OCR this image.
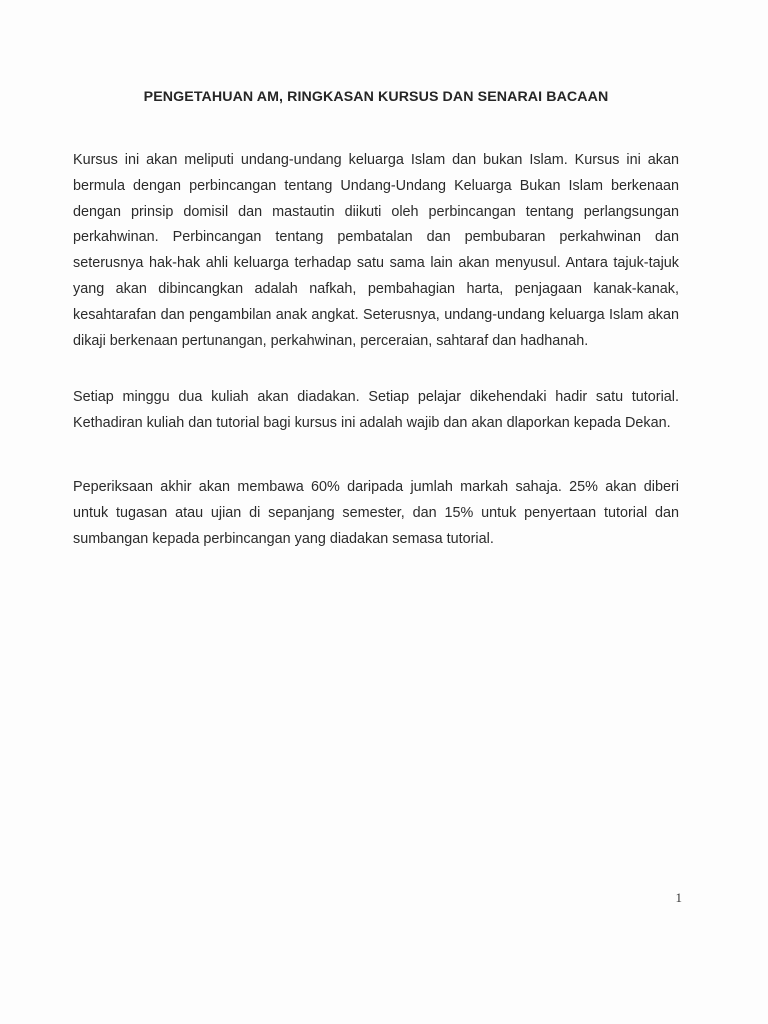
PENGETAHUAN AM, RINGKASAN KURSUS DAN SENARAI BACAAN

Kursus ini akan meliputi undang-undang keluarga Islam dan bukan Islam. Kursus ini akan bermula dengan perbincangan tentang Undang-Undang Keluarga Bukan Islam berkenaan dengan prinsip domisil dan mastautin diikuti oleh perbincangan tentang perlangsungan perkahwinan. Perbincangan tentang pembatalan dan pembubaran perkahwinan dan seterusnya hak-hak ahli keluarga terhadap satu sama lain akan menyusul. Antara tajuk-tajuk yang akan dibincangkan adalah nafkah, pembahagian harta, penjagaan kanak-kanak, kesahtarafan dan pengambilan anak angkat. Seterusnya, undang-undang keluarga Islam akan dikaji berkenaan pertunangan, perkahwinan, perceraian, sahtaraf dan hadhanah.

Setiap minggu dua kuliah akan diadakan. Setiap pelajar dikehendaki hadir satu tutorial. Kethadiran kuliah dan tutorial bagi kursus ini adalah wajib dan akan dlaporkan kepada Dekan.

Peperiksaan akhir akan membawa 60% daripada jumlah markah sahaja. 25% akan diberi untuk tugasan atau ujian di sepanjang semester, dan 15% untuk penyertaan tutorial dan sumbangan kepada perbincangan yang diadakan semasa tutorial.

1
